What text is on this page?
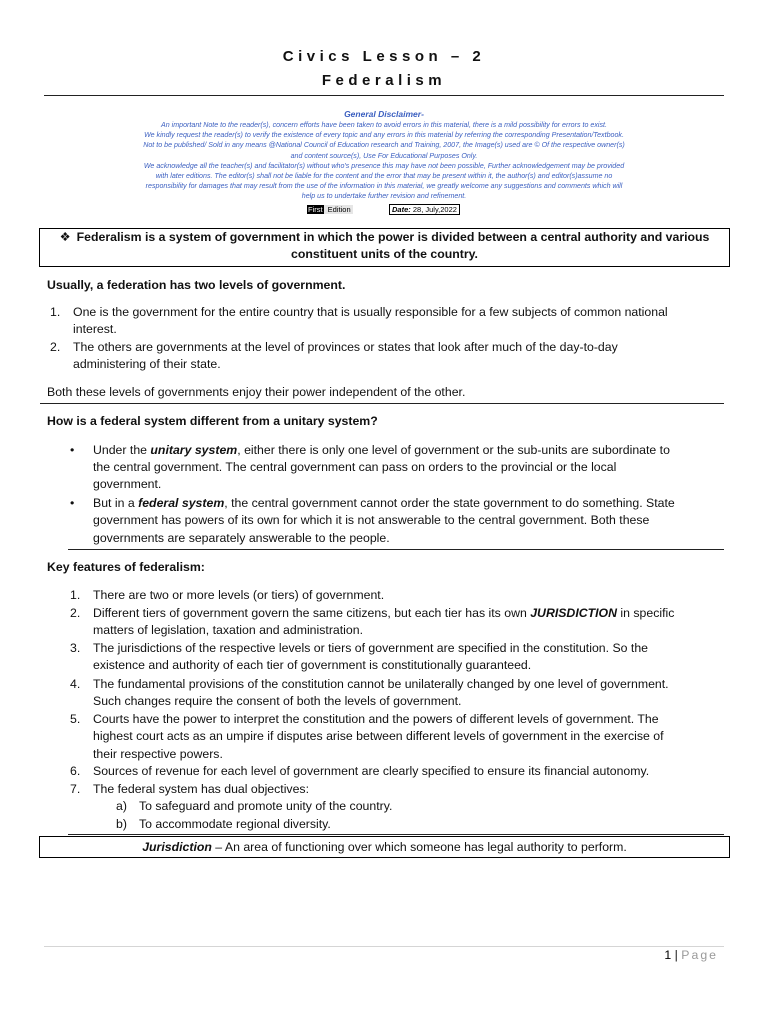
Civics Lesson – 2
Federalism
General Disclaimer-
An important Note to the reader(s), concern efforts have been taken to avoid errors in this material, there is a mild possibility for errors to exist.
We kindly request the reader(s) to verify the existence of every topic and any errors in this material by referring the corresponding Presentation/Textbook.
Not to be published/ Sold in any means @National Council of Education research and Training, 2007, the Image(s) used are © Of the respective owner(s)
and content source(s), Use For Educational Purposes Only.
We acknowledge all the teacher(s) and facilitator(s) without who's presence this may have not been possible, Further acknowledgement may be provided
with later editions. The editor(s) shall not be liable for the content and the error that may be present within it, the author(s) and editor(s)assume no
responsibility for damages that may result from the use of the information in this material, we greatly welcome any suggestions and comments which will
help us to undertake further revision and refinement.
First Edition	Date: 28, July,2022
❖ Federalism is a system of government in which the power is divided between a central authority and various
constituent units of the country.
Usually, a federation has two levels of government.
1. One is the government for the entire country that is usually responsible for a few subjects of common national
interest.
2. The others are governments at the level of provinces or states that look after much of the day-to-day
administering of their state.
Both these levels of governments enjoy their power independent of the other.
How is a federal system different from a unitary system?
• Under the unitary system, either there is only one level of government or the sub-units are subordinate to
the central government. The central government can pass on orders to the provincial or the local
government.
• But in a federal system, the central government cannot order the state government to do something. State
government has powers of its own for which it is not answerable to the central government. Both these
governments are separately answerable to the people.
Key features of federalism:
1. There are two or more levels (or tiers) of government.
2. Different tiers of government govern the same citizens, but each tier has its own JURISDICTION in specific
matters of legislation, taxation and administration.
3. The jurisdictions of the respective levels or tiers of government are specified in the constitution. So the
existence and authority of each tier of government is constitutionally guaranteed.
4. The fundamental provisions of the constitution cannot be unilaterally changed by one level of government.
Such changes require the consent of both the levels of government.
5. Courts have the power to interpret the constitution and the powers of different levels of government. The
highest court acts as an umpire if disputes arise between different levels of government in the exercise of
their respective powers.
6. Sources of revenue for each level of government are clearly specified to ensure its financial autonomy.
7. The federal system has dual objectives:
a) To safeguard and promote unity of the country.
b) To accommodate regional diversity.
Jurisdiction – An area of functioning over which someone has legal authority to perform.
1 | Page
